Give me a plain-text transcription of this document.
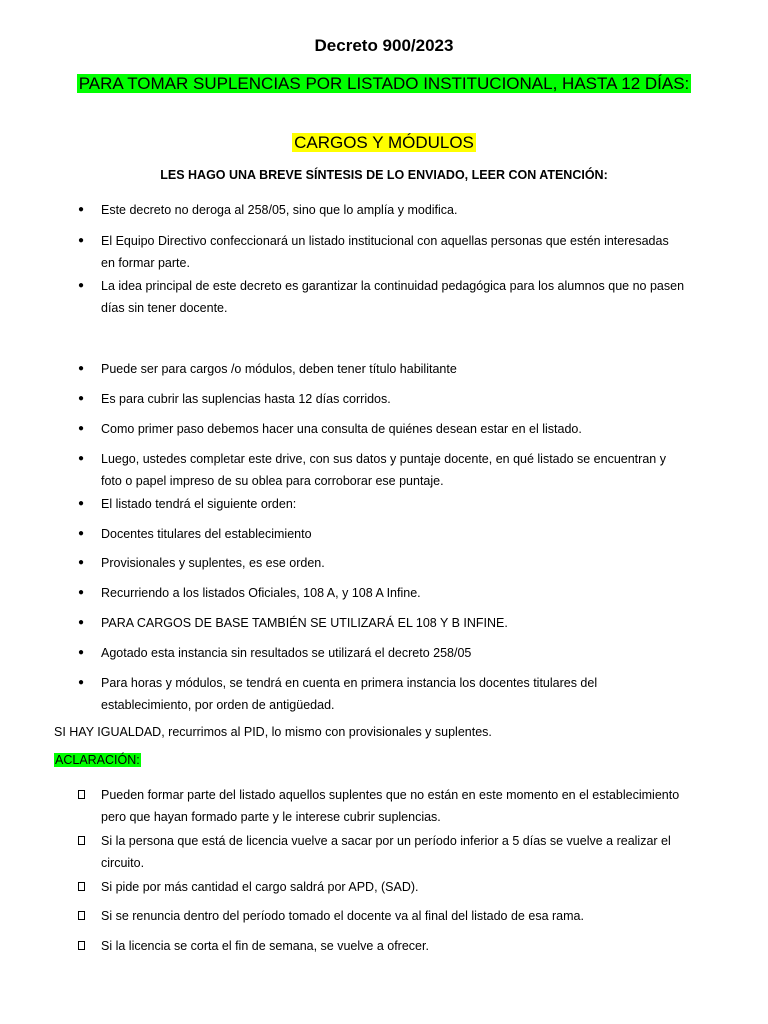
Decreto 900/2023
PARA TOMAR SUPLENCIAS POR LISTADO INSTITUCIONAL, HASTA 12 DÍAS:
CARGOS Y MÓDULOS
LES HAGO UNA BREVE SÍNTESIS DE LO ENVIADO, LEER CON ATENCIÓN:
●	Este decreto no deroga al 258/05, sino que lo amplía y modifica.
●	El Equipo Directivo confeccionará un listado institucional con aquellas personas que estén interesadas en formar parte.
●	La idea principal de este decreto es garantizar la continuidad pedagógica para los alumnos que no pasen días sin tener docente.
●	Puede ser para cargos /o módulos, deben tener título habilitante
●	Es para cubrir las suplencias hasta 12 días corridos.
●	Como primer paso debemos hacer una consulta de quiénes desean estar en el listado.
●	Luego, ustedes completar este drive, con sus datos y puntaje docente, en qué listado se encuentran y foto o papel impreso de su oblea para corroborar ese puntaje.
●	El listado tendrá el siguiente orden:
●	Docentes titulares del establecimiento
●	Provisionales y suplentes, es ese orden.
●	Recurriendo a los listados Oficiales, 108 A, y 108 A Infine.
●	PARA CARGOS DE BASE TAMBIÉN SE UTILIZARÁ EL 108 Y B INFINE.
●	Agotado esta instancia sin resultados se utilizará el decreto 258/05
●	Para horas y módulos, se tendrá en cuenta en primera instancia los docentes titulares del establecimiento, por orden de antigüedad.
SI HAY IGUALDAD, recurrimos al PID, lo mismo con provisionales y suplentes.
ACLARACIÓN:
Pueden formar parte del listado aquellos suplentes que no están en este momento en el establecimiento pero que hayan formado parte y le interese cubrir suplencias.
Si la persona que está de licencia vuelve a sacar por un período inferior a 5 días se vuelve a realizar el circuito.
Si pide por más cantidad el cargo saldrá por APD, (SAD).
Si se renuncia dentro del período tomado el docente va al final del listado de esa rama.
Si la licencia se corta el fin de semana, se vuelve a ofrecer.
